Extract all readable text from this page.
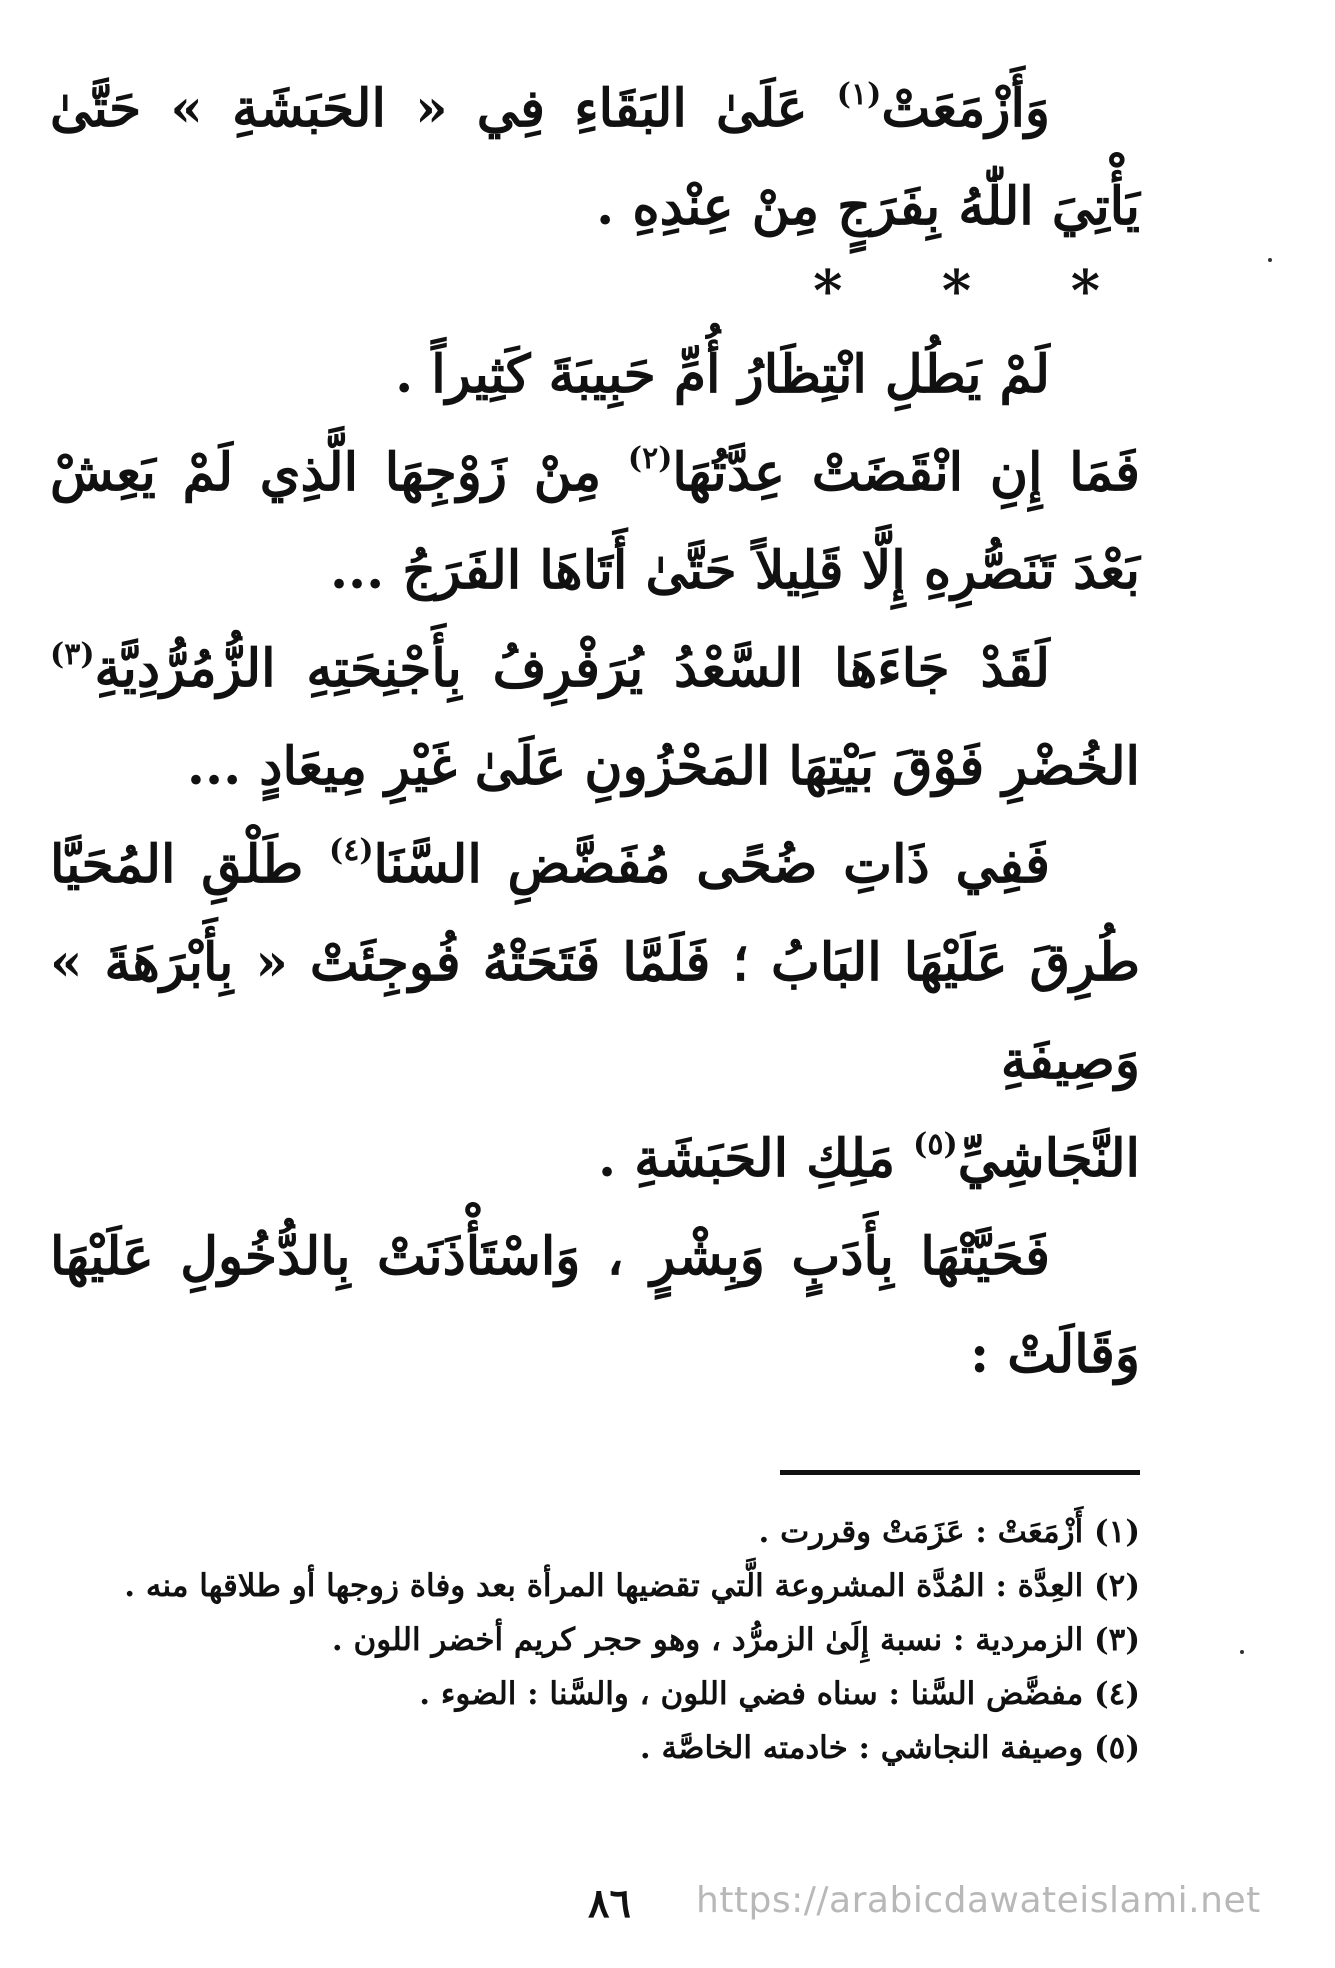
وَأَزْمَعَتْ$^{(١)}$ عَلَىٰ البَقَاءِ فِي « الحَبَشَةِ » حَتَّىٰ يَأْتِيَ اللّٰهُ بِفَرَجٍ مِنْ عِنْدِهِ .

* * *

لَمْ يَطُلِ انْتِظَارُ أُمِّ حَبِيبَةَ كَثِيراً .

فَمَا إِنِ انْقَضَتْ عِدَّتُهَا$^{(٢)}$ مِنْ زَوْجِهَا الَّذِي لَمْ يَعِشْ بَعْدَ تَنَصُّرِهِ إِلَّا قَلِيلاً حَتَّىٰ أَتَاهَا الفَرَجُ ...

لَقَدْ جَاءَهَا السَّعْدُ يُرَفْرِفُ بِأَجْنِحَتِهِ الزُّمُرُّدِيَّةِ$^{(٣)}$ الخُضْرِ فَوْقَ بَيْتِهَا المَحْزُونِ عَلَىٰ غَيْرِ مِيعَادٍ ...

فَفِي ذَاتِ ضُحًى مُفَضَّضِ السَّنَا$^{(٤)}$ طَلْقِ المُحَيَّا طُرِقَ عَلَيْهَا البَابُ ؛ فَلَمَّا فَتَحَتْهُ فُوجِئَتْ « بِأَبْرَهَةَ » وَصِيفَةِ

النَّجَاشِيِّ$^{(٥)}$ مَلِكِ الحَبَشَةِ .

فَحَيَّتْهَا بِأَدَبٍ وَبِشْرٍ ، وَاسْتَأْذَنَتْ بِالدُّخُولِ عَلَيْهَا وَقَالَتْ :

(١) أَزْمَعَتْ : عَزَمَتْ وقررت .

(٢) العِدَّة : المُدَّة المشروعة الَّتي تقضيها المرأة بعد وفاة زوجها أو طلاقها منه .

(٣) الزمردية : نسبة إِلَىٰ الزمرُّد ، وهو حجر كريم أخضر اللون .

(٤) مفضَّض السَّنا : سناه فضي اللون ، والسَّنا : الضوء .

(٥) وصيفة النجاشي : خادمته الخاصَّة .

٨٦ https://arabicdawateislami.net
